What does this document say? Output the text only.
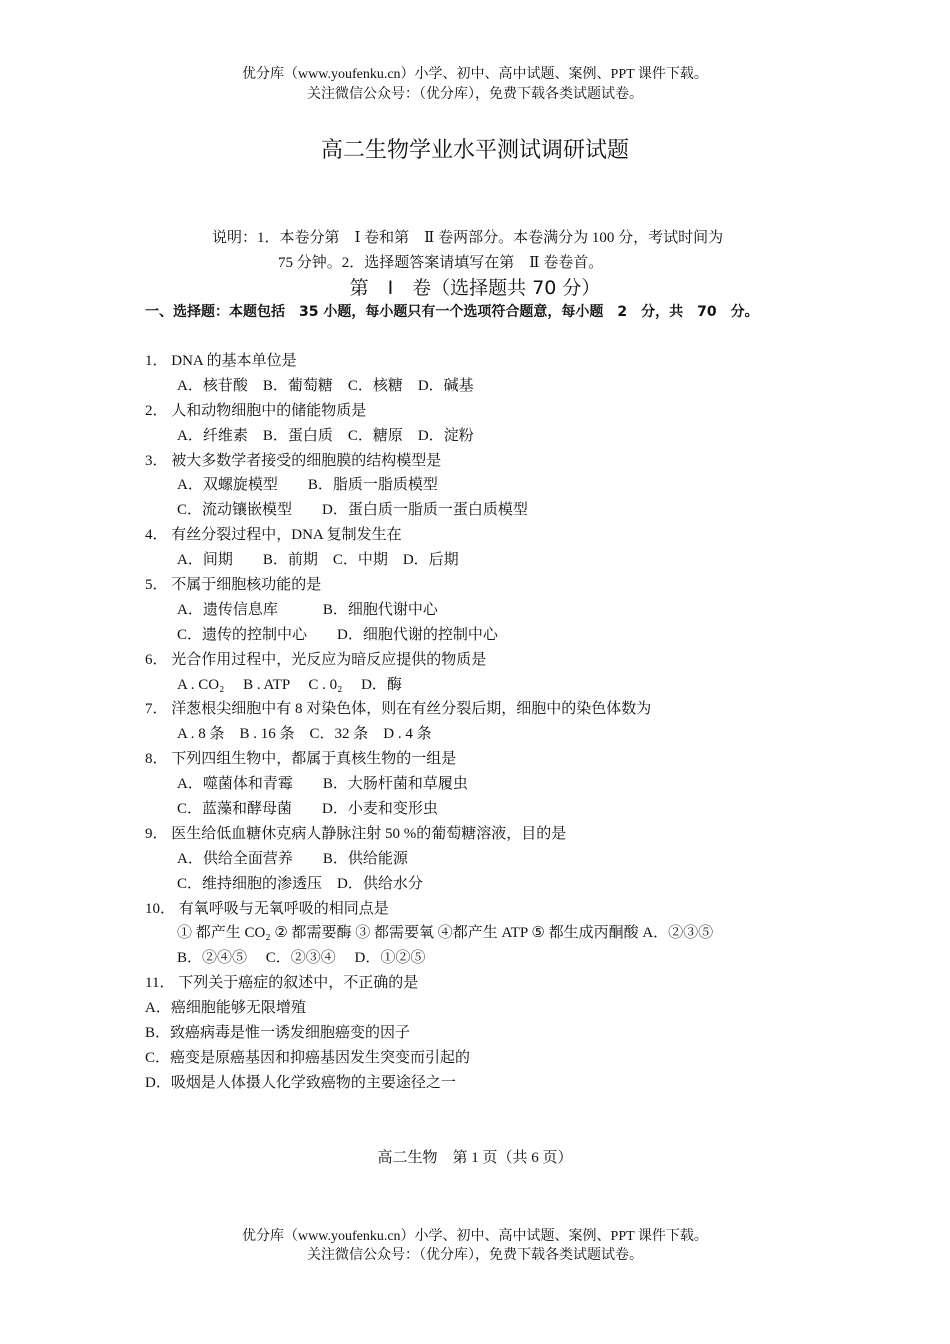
优分库（www.youfenku.cn）小学、初中、高中试题、案例、PPT 课件下载。
关注微信公众号：（优分库），免费下载各类试题试卷。
高二生物学业水平测试调研试题
说明：1．本卷分第　Ⅰ 卷和第　Ⅱ 卷两部分。本卷满分为 100 分，考试时间为
75 分钟。2．选择题答案请填写在第　Ⅱ 卷卷首。
第　Ⅰ　卷（选择题共 70 分）
一、选择题：本题包括　35 小题，每小题只有一个选项符合题意，每小题　2　分，共　70　分。
1． DNA 的基本单位是
A．核苷酸　B．葡萄糖　C．核糖　D．碱基
2． 人和动物细胞中的储能物质是
A．纤维素　B．蛋白质　C．糖原　D．淀粉
3． 被大多数学者接受的细胞膜的结构模型是
A．双螺旋模型　　B．脂质一脂质模型
C．流动镶嵌模型　　D．蛋白质一脂质一蛋白质模型
4． 有丝分裂过程中，DNA 复制发生在
A．间期　　B．前期　C．中期　D．后期
5． 不属于细胞核功能的是
A．遗传信息库　　　B．细胞代谢中心
C．遗传的控制中心　　D．细胞代谢的控制中心
6． 光合作用过程中，光反应为暗反应提供的物质是
A . CO₂　 B . ATP　 C . 0₂　 D．酶
7． 洋葱根尖细胞中有 8 对染色体，则在有丝分裂后期，细胞中的染色体数为
A . 8 条　B . 16 条　C．32 条　D . 4 条
8． 下列四组生物中，都属于真核生物的一组是
A．噬菌体和青霉　　B．大肠杆菌和草履虫
C．蓝藻和酵母菌　　D．小麦和变形虫
9． 医生给低血糖休克病人静脉注射 50 %的葡萄糖溶液，目的是
A．供给全面营养　　B．供给能源
C．维持细胞的渗透压　D．供给水分
10． 有氧呼吸与无氧呼吸的相同点是
① 都产生 CO₂ ② 都需要酶 ③ 都需要氧 ④都产生 ATP ⑤ 都生成丙酮酸 A．②③⑤
B．②④⑤　 C．②③④　 D．①②⑤
11． 下列关于癌症的叙述中，不正确的是
A．癌细胞能够无限增殖
B．致癌病毒是惟一诱发细胞癌变的因子
C．癌变是原癌基因和抑癌基因发生突变而引起的
D．吸烟是人体摄人化学致癌物的主要途径之一
高二生物　第 1 页（共 6 页）
优分库（www.youfenku.cn）小学、初中、高中试题、案例、PPT 课件下载。
关注微信公众号：（优分库），免费下载各类试题试卷。
